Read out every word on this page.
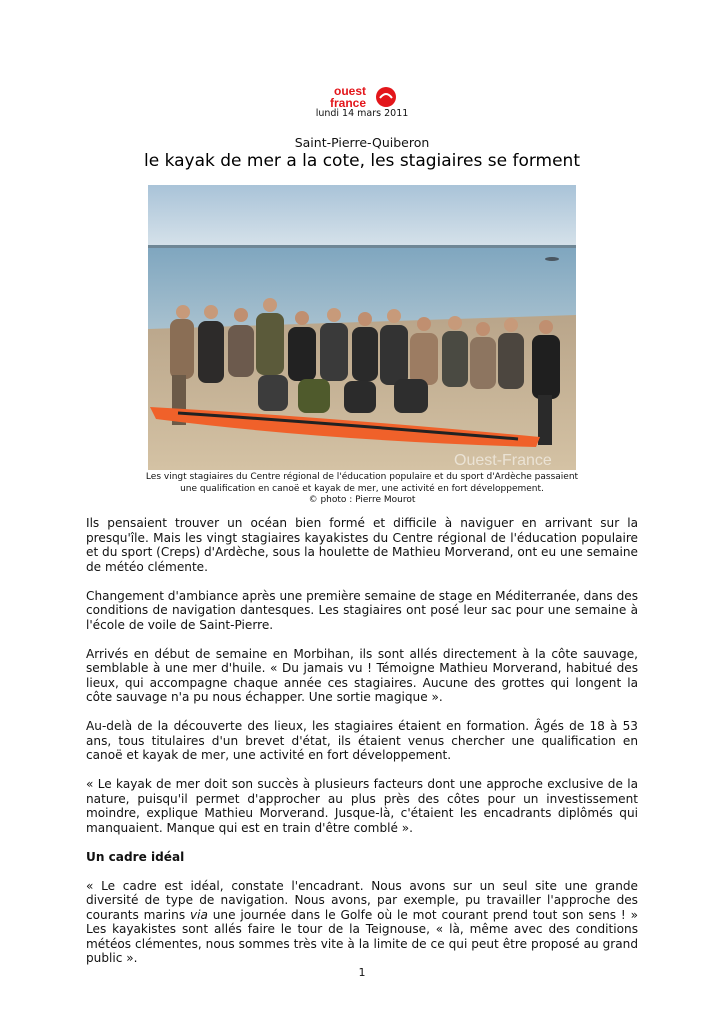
ouest
france
lundi 14 mars 2011
Saint-Pierre-Quiberon
le kayak de mer a la cote, les stagiaires se forment
Ouest-France
Les vingt stagiaires du Centre régional de l'éducation populaire et du sport d'Ardèche passaient
une qualification en canoë et kayak de mer, une activité en fort développement.
© photo : Pierre Mourot

Ils pensaient trouver un océan bien formé et difficile à naviguer en arrivant sur la presqu'île. Mais les vingt stagiaires kayakistes du Centre régional de l'éducation populaire et du sport (Creps) d'Ardèche, sous la houlette de Mathieu Morverand, ont eu une semaine de météo clémente.

Changement d'ambiance après une première semaine de stage en Méditerranée, dans des conditions de navigation dantesques. Les stagiaires ont posé leur sac pour une semaine à l'école de voile de Saint-Pierre.

Arrivés en début de semaine en Morbihan, ils sont allés directement à la côte sauvage, semblable à une mer d'huile. « Du jamais vu ! Témoigne Mathieu Morverand, habitué des lieux, qui accompagne chaque année ces stagiaires. Aucune des grottes qui longent la côte sauvage n'a pu nous échapper. Une sortie magique ».

Au-delà de la découverte des lieux, les stagiaires étaient en formation. Âgés de 18 à 53 ans, tous titulaires d'un brevet d'état, ils étaient venus chercher une qualification en canoë et kayak de mer, une activité en fort développement.

« Le kayak de mer doit son succès à plusieurs facteurs dont une approche exclusive de la nature, puisqu'il permet d'approcher au plus près des côtes pour un investissement moindre, explique Mathieu Morverand. Jusque-là, c'étaient les encadrants diplômés qui manquaient. Manque qui est en train d'être comblé ».

Un cadre idéal

« Le cadre est idéal, constate l'encadrant. Nous avons sur un seul site une grande diversité de type de navigation. Nous avons, par exemple, pu travailler l'approche des courants marins via une journée dans le Golfe où le mot courant prend tout son sens ! » Les kayakistes sont allés faire le tour de la Teignouse, « là, même avec des conditions météos clémentes, nous sommes très vite à la limite de ce qui peut être proposé au grand public ».

1
